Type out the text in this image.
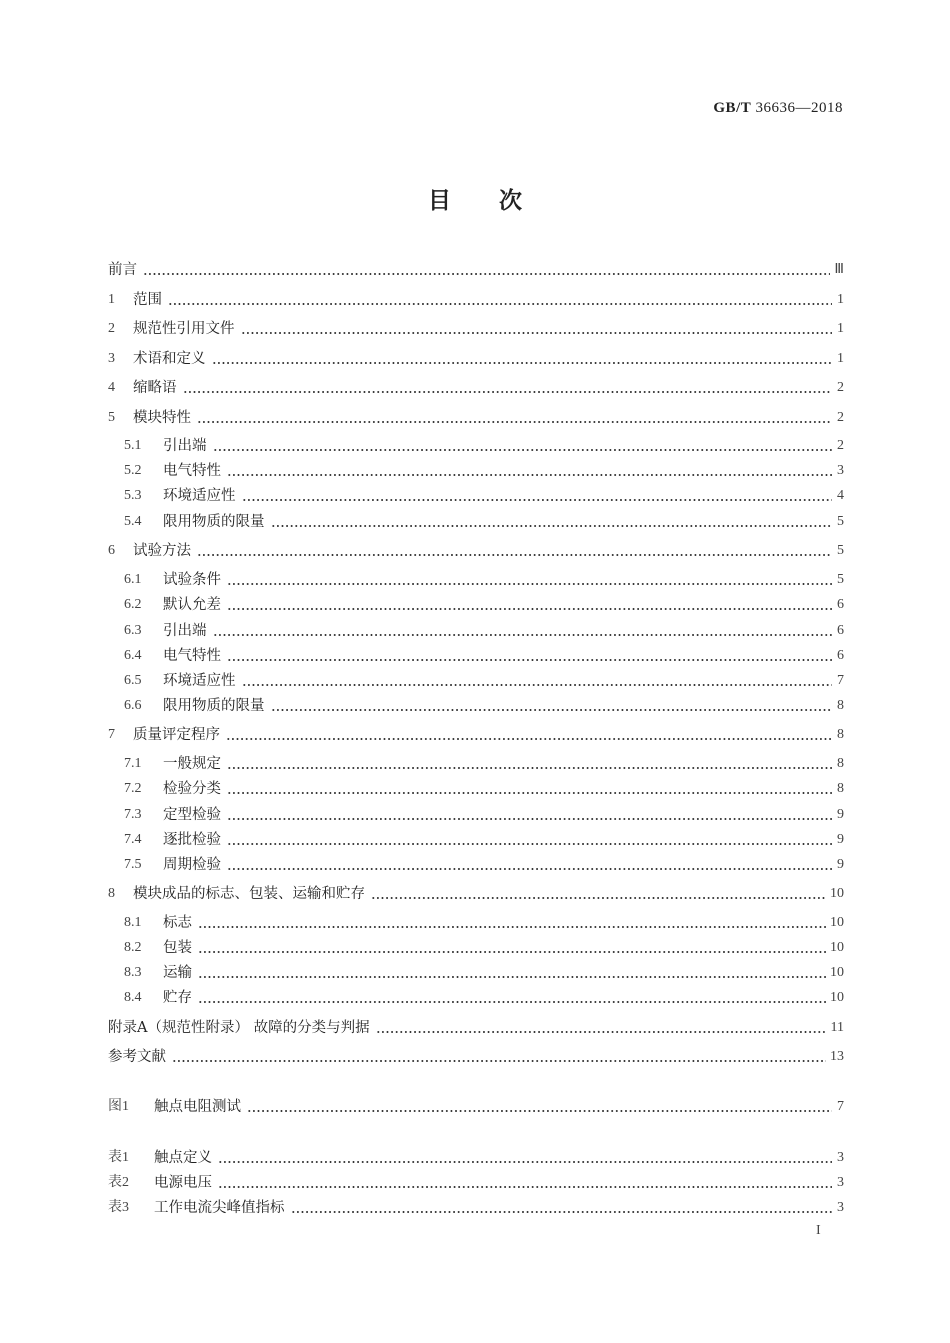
GB/T 36636—2018
目次
前言	Ⅲ
1	范围	1
2	规范性引用文件	1
3	术语和定义	1
4	缩略语	2
5	模块特性	2
5.1	引出端	2
5.2	电气特性	3
5.3	环境适应性	4
5.4	限用物质的限量	5
6	试验方法	5
6.1	试验条件	5
6.2	默认允差	6
6.3	引出端	6
6.4	电气特性	6
6.5	环境适应性	7
6.6	限用物质的限量	8
7	质量评定程序	8
7.1	一般规定	8
7.2	检验分类	8
7.3	定型检验	9
7.4	逐批检验	9
7.5	周期检验	9
8	模块成品的标志、包装、运输和贮存	10
8.1	标志	10
8.2	包装	10
8.3	运输	10
8.4	贮存	10
附录A（规范性附录） 故障的分类与判据	11
参考文献	13
图1	触点电阻测试	7
表1	触点定义	3
表2	电源电压	3
表3	工作电流尖峰值指标	3
I
